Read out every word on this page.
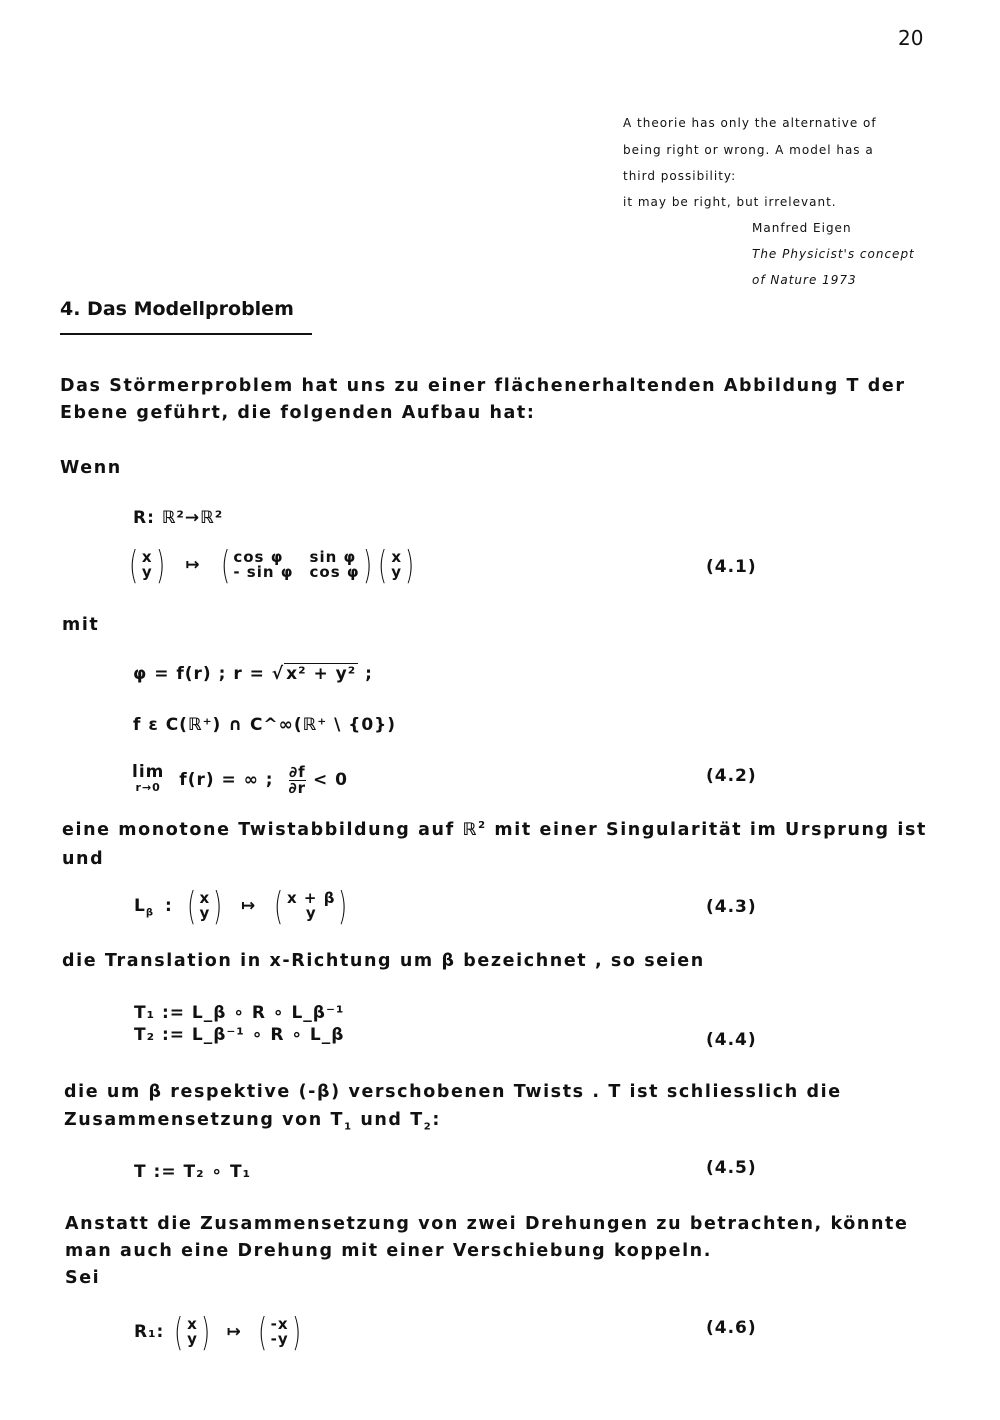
20
A theorie has only the alternative of
being right or wrong. A model has a
third possibility:
it may be right, but irrelevant.
Manfred Eigen
The Physicist's concept
of Nature 1973
4. Das Modellproblem
Das Störmerproblem hat uns zu einer flächenerhaltenden Abbildung T der
Ebene geführt, die folgenden Aufbau hat:
Wenn
R: ℝ²→ℝ²
( x
y ) ↦ ( cos φ	sin φ
- sin φ cos φ ) ( x
y )	(4.1)
mit
φ = f(r) ; r = √ x² + y² ;
f ε C(ℝ⁺) ∩ C^∞(ℝ⁺ \ {0})
lim
r→0 f(r) = ∞ ; $\frac{\partial f}{\partial r} < 0$	(4.2)
eine monotone Twistabbildung auf ℝ$^2$ mit einer Singularität im Ursprung ist
und
$L_\beta$ : ( x
y ) ↦ ( x + β
y )	(4.3)
die Translation in x-Richtung um β bezeichnet , so seien
T₁ := L_β ∘ R ∘ L_β⁻¹
T₂ := L_β⁻¹ ∘ R ∘ L_β	(4.4)
die um β respektive (-β) verschobenen Twists . T ist schliesslich die
Zusammensetzung von $T_1$ und $T_2$:
T := T₂ ∘ T₁	(4.5)
Anstatt die Zusammensetzung von zwei Drehungen zu betrachten, könnte
man auch eine Drehung mit einer Verschiebung koppeln.
Sei
R₁: ( x
y ) ↦ ( -x
-y )	(4.6)
